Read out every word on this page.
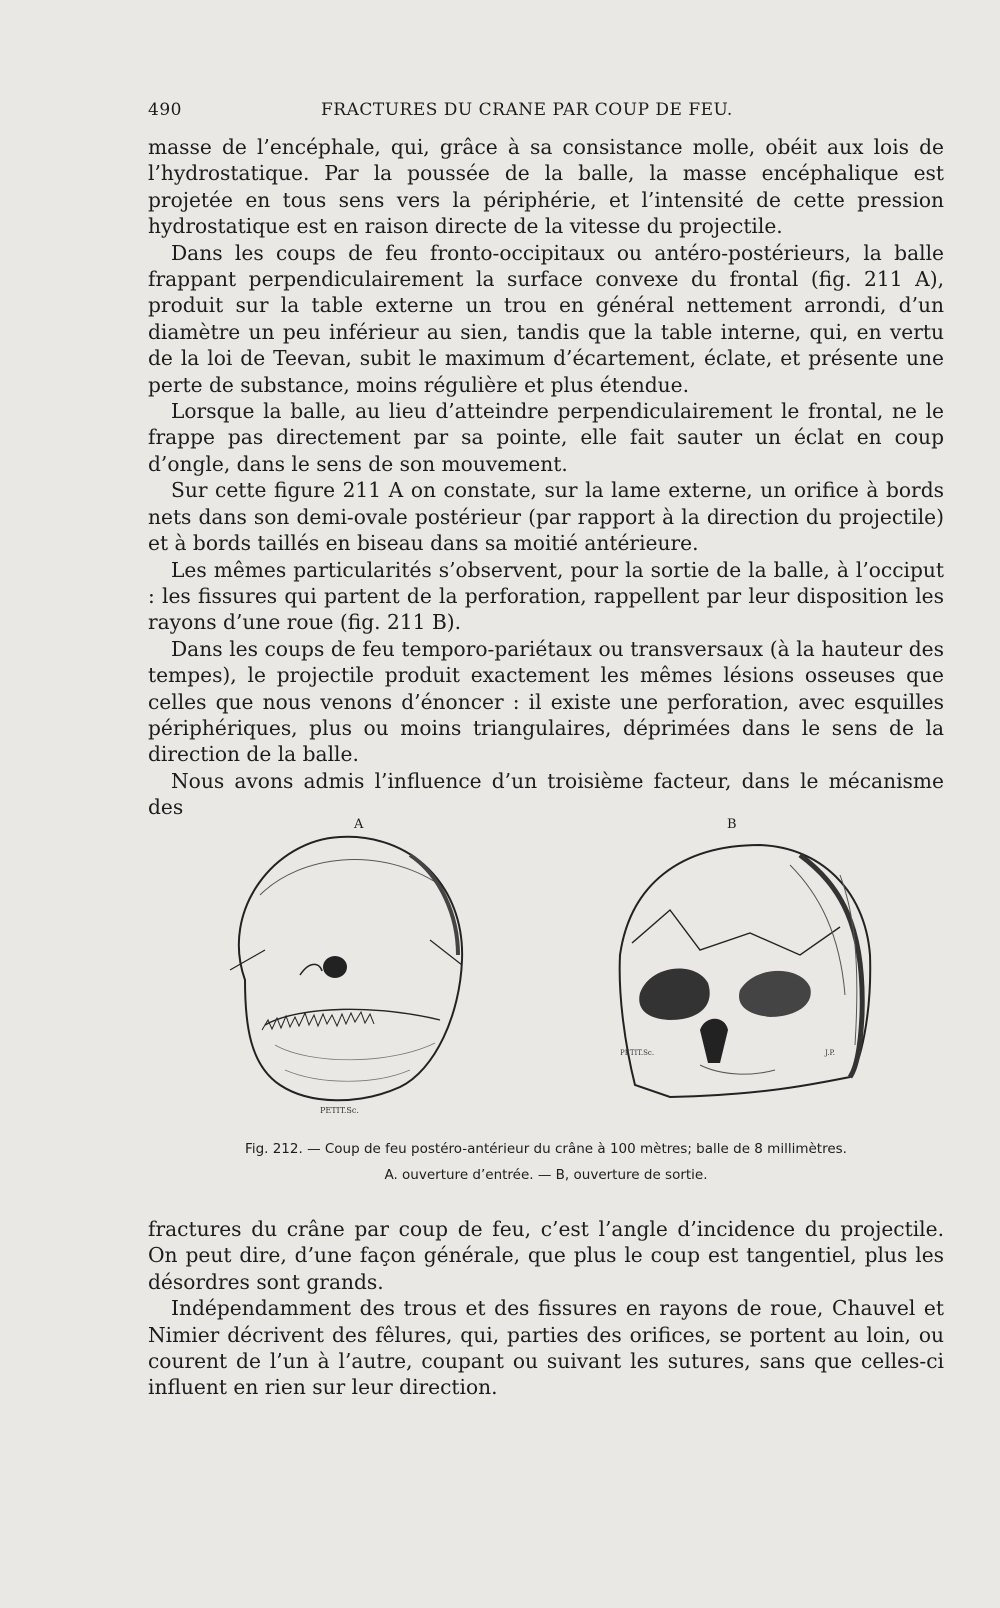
490	FRACTURES DU CRANE PAR COUP DE FEU.

masse de l’encéphale, qui, grâce à sa consistance molle, obéit aux lois de l’hydrostatique. Par la poussée de la balle, la masse encéphalique est projetée en tous sens vers la périphérie, et l’intensité de cette pression hydrostatique est en raison directe de la vitesse du projectile.

Dans les coups de feu fronto-occipitaux ou antéro-postérieurs, la balle frappant perpendiculairement la surface convexe du frontal (fig. 211 A), produit sur la table externe un trou en général nettement arrondi, d’un diamètre un peu inférieur au sien, tandis que la table interne, qui, en vertu de la loi de Teevan, subit le maximum d’écartement, éclate, et présente une perte de substance, moins régulière et plus étendue.

Lorsque la balle, au lieu d’atteindre perpendiculairement le frontal, ne le frappe pas directement par sa pointe, elle fait sauter un éclat en coup d’ongle, dans le sens de son mouvement.

Sur cette figure 211 A on constate, sur la lame externe, un orifice à bords nets dans son demi-ovale postérieur (par rapport à la direction du projectile) et à bords taillés en biseau dans sa moitié antérieure.

Les mêmes particularités s’observent, pour la sortie de la balle, à l’occiput : les fissures qui partent de la perforation, rappellent par leur disposition les rayons d’une roue (fig. 211 B).

Dans les coups de feu temporo-pariétaux ou transversaux (à la hauteur des tempes), le projectile produit exactement les mêmes lésions osseuses que celles que nous venons d’énoncer : il existe une perforation, avec esquilles périphériques, plus ou moins triangulaires, déprimées dans le sens de la direction de la balle.

Nous avons admis l’influence d’un troisième facteur, dans le mécanisme des

A	B
PETIT.Sc.
PETIT.Sc.	J.P.
Fig. 212. — Coup de feu postéro-antérieur du crâne à 100 mètres; balle de 8 millimètres.
A. ouverture d’entrée. — B, ouverture de sortie.

fractures du crâne par coup de feu, c’est l’angle d’incidence du projectile. On peut dire, d’une façon générale, que plus le coup est tangentiel, plus les désordres sont grands.

Indépendamment des trous et des fissures en rayons de roue, Chauvel et Nimier décrivent des fêlures, qui, parties des orifices, se portent au loin, ou courent de l’un à l’autre, coupant ou suivant les sutures, sans que celles-ci influent en rien sur leur direction.
